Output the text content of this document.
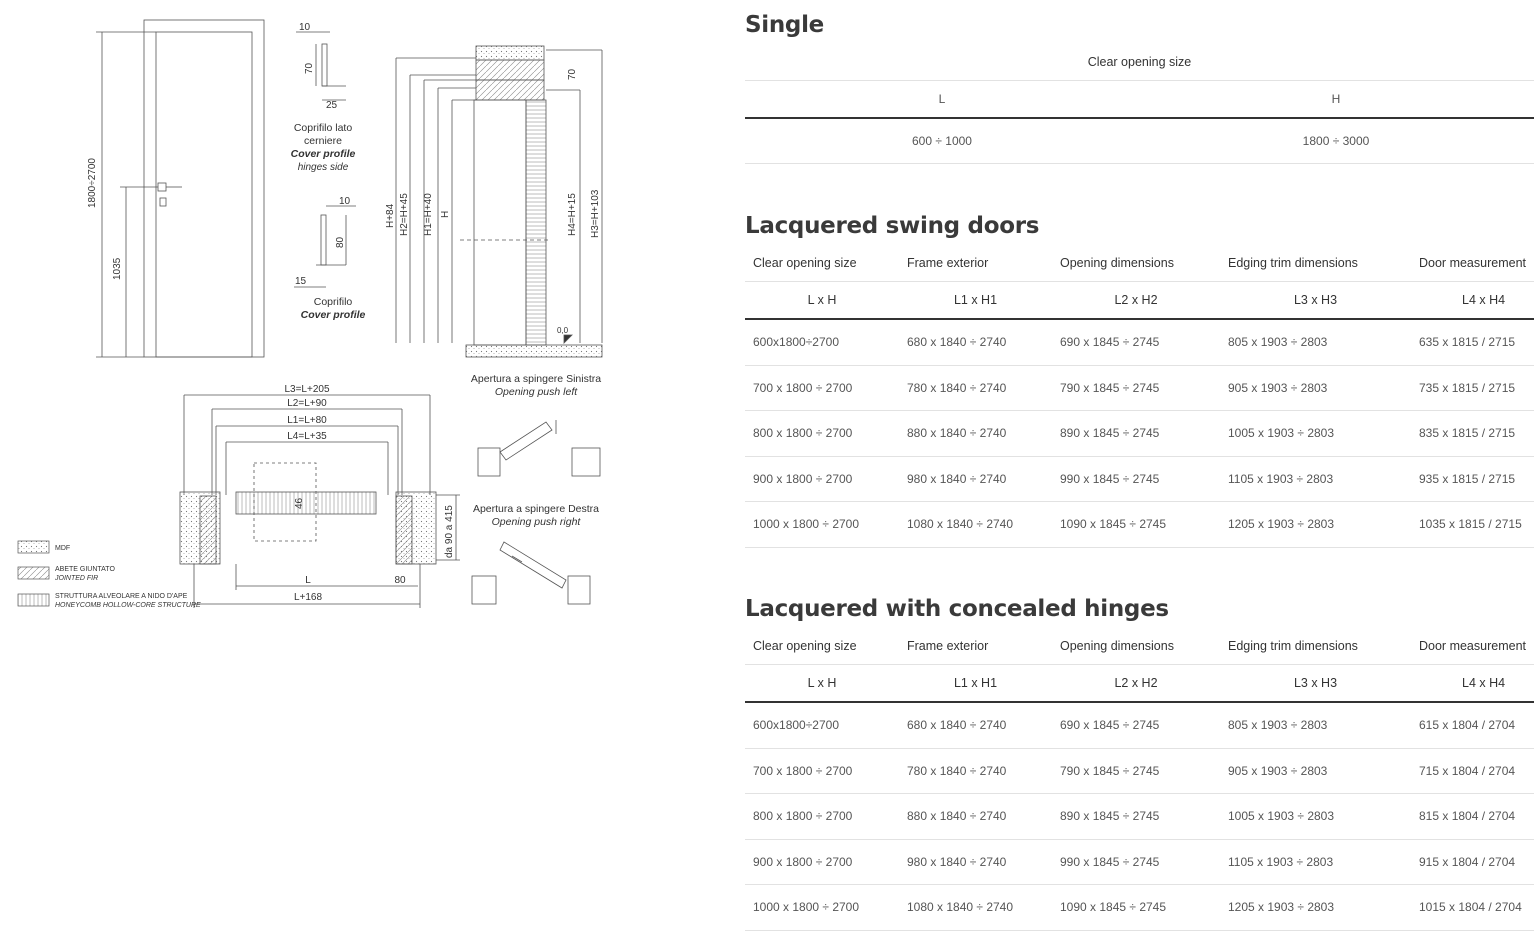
1800÷2700
1035
10
70
25
Coprifilo lato
cerniere
Cover profile
hinges side
10
80
15
Coprifilo
Cover profile
H+84 H2=H+45 H1=H+40 H	H4=H+15 H3=H+103
70
0,0
L3=L+205
L2=L+90
L1=L+80
L4=L+35
46
da 90 a 415
L	80
L+168
Apertura a spingere Sinistra
Opening push left
Apertura a spingere Destra
Opening push right
MDF
ABETE GIUNTATO
JOINTED FIR
STRUTTURA ALVEOLARE A NIDO D'APE
HONEYCOMB HOLLOW-CORE STRUCTURE
Single
Clear opening size
L	H
600 ÷ 1000	1800 ÷ 3000
Lacquered swing doors
Clear opening size	Frame exterior	Opening dimensions	Edging trim dimensions	Door measurement
L x H	L1 x H1	L2 x H2	L3 x H3	L4 x H4
600x1800÷2700	680 x 1840 ÷ 2740	690 x 1845 ÷ 2745	805 x 1903 ÷ 2803	635 x 1815 / 2715
700 x 1800 ÷ 2700	780 x 1840 ÷ 2740	790 x 1845 ÷ 2745	905 x 1903 ÷ 2803	735 x 1815 / 2715
800 x 1800 ÷ 2700	880 x 1840 ÷ 2740	890 x 1845 ÷ 2745	1005 x 1903 ÷ 2803	835 x 1815 / 2715
900 x 1800 ÷ 2700	980 x 1840 ÷ 2740	990 x 1845 ÷ 2745	1105 x 1903 ÷ 2803	935 x 1815 / 2715
1000 x 1800 ÷ 2700	1080 x 1840 ÷ 2740	1090 x 1845 ÷ 2745	1205 x 1903 ÷ 2803	1035 x 1815 / 2715
Lacquered with concealed hinges
Clear opening size	Frame exterior	Opening dimensions	Edging trim dimensions	Door measurement
L x H	L1 x H1	L2 x H2	L3 x H3	L4 x H4
600x1800÷2700	680 x 1840 ÷ 2740	690 x 1845 ÷ 2745	805 x 1903 ÷ 2803	615 x 1804 / 2704
700 x 1800 ÷ 2700	780 x 1840 ÷ 2740	790 x 1845 ÷ 2745	905 x 1903 ÷ 2803	715 x 1804 / 2704
800 x 1800 ÷ 2700	880 x 1840 ÷ 2740	890 x 1845 ÷ 2745	1005 x 1903 ÷ 2803	815 x 1804 / 2704
900 x 1800 ÷ 2700	980 x 1840 ÷ 2740	990 x 1845 ÷ 2745	1105 x 1903 ÷ 2803	915 x 1804 / 2704
1000 x 1800 ÷ 2700	1080 x 1840 ÷ 2740	1090 x 1845 ÷ 2745	1205 x 1903 ÷ 2803	1015 x 1804 / 2704
